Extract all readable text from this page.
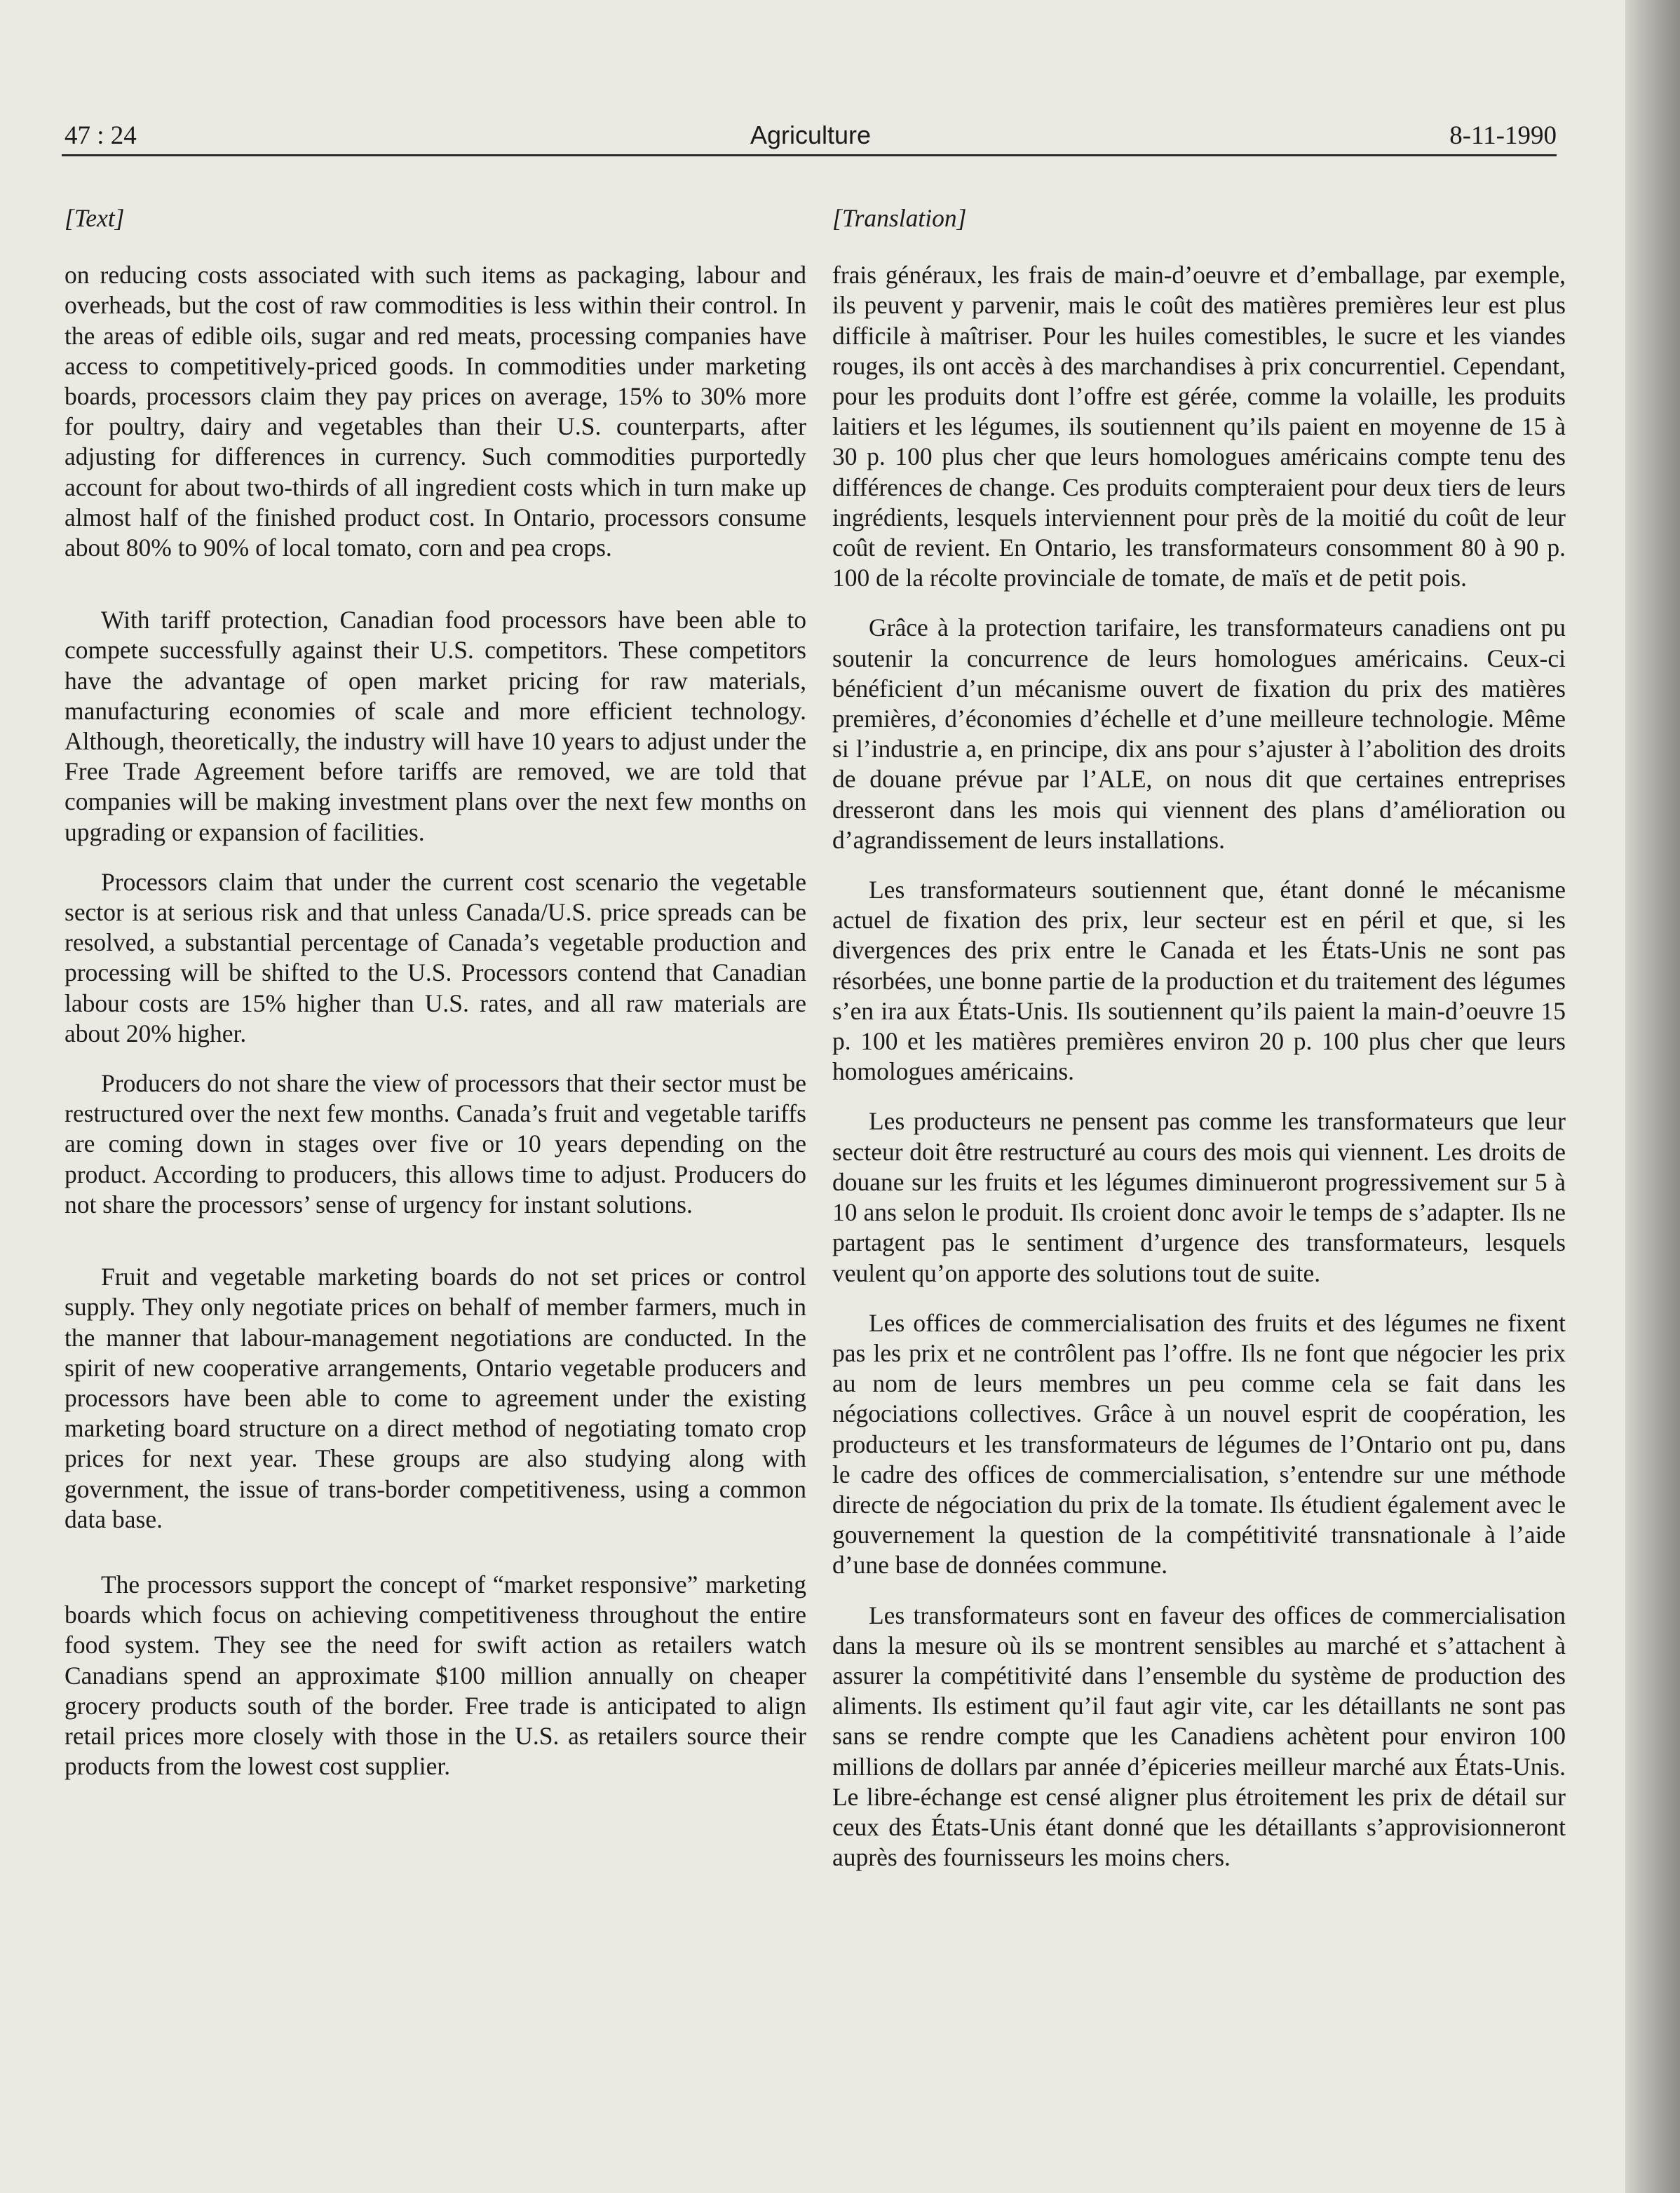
47 : 24	Agriculture	8-11-1990
[Text]

on reducing costs associated with such items as packaging, labour and overheads, but the cost of raw commodities is less within their control. In the areas of edible oils, sugar and red meats, processing companies have access to competitively-priced goods. In commodities under marketing boards, processors claim they pay prices on average, 15% to 30% more for poultry, dairy and vegetables than their U.S. counterparts, after adjusting for differences in currency. Such commodities purportedly account for about two-thirds of all ingredient costs which in turn make up almost half of the finished product cost. In Ontario, processors consume about 80% to 90% of local tomato, corn and pea crops.

With tariff protection, Canadian food processors have been able to compete successfully against their U.S. competitors. These competitors have the advantage of open market pricing for raw materials, manufacturing economies of scale and more efficient technology. Although, theoretically, the industry will have 10 years to adjust under the Free Trade Agreement before tariffs are removed, we are told that companies will be making investment plans over the next few months on upgrading or expansion of facilities.

Processors claim that under the current cost scenario the vegetable sector is at serious risk and that unless Canada/U.S. price spreads can be resolved, a substantial percentage of Canada’s vegetable production and processing will be shifted to the U.S. Processors contend that Canadian labour costs are 15% higher than U.S. rates, and all raw materials are about 20% higher.

Producers do not share the view of processors that their sector must be restructured over the next few months. Canada’s fruit and vegetable tariffs are coming down in stages over five or 10 years depending on the product. According to producers, this allows time to adjust. Producers do not share the processors’ sense of urgency for instant solutions.

Fruit and vegetable marketing boards do not set prices or control supply. They only negotiate prices on behalf of member farmers, much in the manner that labour-management negotiations are conducted. In the spirit of new cooperative arrangements, Ontario vegetable producers and processors have been able to come to agreement under the existing marketing board structure on a direct method of negotiating tomato crop prices for next year. These groups are also studying along with government, the issue of trans-border competitiveness, using a common data base.

The processors support the concept of “market responsive” marketing boards which focus on achieving competitiveness throughout the entire food system. They see the need for swift action as retailers watch Canadians spend an approximate $100 million annually on cheaper grocery products south of the border. Free trade is anticipated to align retail prices more closely with those in the U.S. as retailers source their products from the lowest cost supplier.

[Translation]

frais généraux, les frais de main-d’oeuvre et d’emballage, par exemple, ils peuvent y parvenir, mais le coût des matières premières leur est plus difficile à maîtriser. Pour les huiles comestibles, le sucre et les viandes rouges, ils ont accès à des marchandises à prix concurrentiel. Cependant, pour les produits dont l’offre est gérée, comme la volaille, les produits laitiers et les légumes, ils soutiennent qu’ils paient en moyenne de 15 à 30 p. 100 plus cher que leurs homologues américains compte tenu des différences de change. Ces produits compteraient pour deux tiers de leurs ingrédients, lesquels interviennent pour près de la moitié du coût de leur coût de revient. En Ontario, les transformateurs consomment 80 à 90 p. 100 de la récolte provinciale de tomate, de maïs et de petit pois.

Grâce à la protection tarifaire, les transformateurs canadiens ont pu soutenir la concurrence de leurs homologues américains. Ceux-ci bénéficient d’un mécanisme ouvert de fixation du prix des matières premières, d’économies d’échelle et d’une meilleure technologie. Même si l’industrie a, en principe, dix ans pour s’ajuster à l’abolition des droits de douane prévue par l’ALE, on nous dit que certaines entreprises dresseront dans les mois qui viennent des plans d’amélioration ou d’agrandissement de leurs installations.

Les transformateurs soutiennent que, étant donné le mécanisme actuel de fixation des prix, leur secteur est en péril et que, si les divergences des prix entre le Canada et les États-Unis ne sont pas résorbées, une bonne partie de la production et du traitement des légumes s’en ira aux États-Unis. Ils soutiennent qu’ils paient la main-d’oeuvre 15 p. 100 et les matières premières environ 20 p. 100 plus cher que leurs homologues américains.

Les producteurs ne pensent pas comme les transformateurs que leur secteur doit être restructuré au cours des mois qui viennent. Les droits de douane sur les fruits et les légumes diminueront progressivement sur 5 à 10 ans selon le produit. Ils croient donc avoir le temps de s’adapter. Ils ne partagent pas le sentiment d’urgence des transformateurs, lesquels veulent qu’on apporte des solutions tout de suite.

Les offices de commercialisation des fruits et des légumes ne fixent pas les prix et ne contrôlent pas l’offre. Ils ne font que négocier les prix au nom de leurs membres un peu comme cela se fait dans les négociations collectives. Grâce à un nouvel esprit de coopération, les producteurs et les transformateurs de légumes de l’Ontario ont pu, dans le cadre des offices de commercialisation, s’entendre sur une méthode directe de négociation du prix de la tomate. Ils étudient également avec le gouvernement la question de la compétitivité transnationale à l’aide d’une base de données commune.

Les transformateurs sont en faveur des offices de commercialisation dans la mesure où ils se montrent sensibles au marché et s’attachent à assurer la compétitivité dans l’ensemble du système de production des aliments. Ils estiment qu’il faut agir vite, car les détaillants ne sont pas sans se rendre compte que les Canadiens achètent pour environ 100 millions de dollars par année d’épiceries meilleur marché aux États-Unis. Le libre-échange est censé aligner plus étroitement les prix de détail sur ceux des États-Unis étant donné que les détaillants s’approvisionneront auprès des fournisseurs les moins chers.
